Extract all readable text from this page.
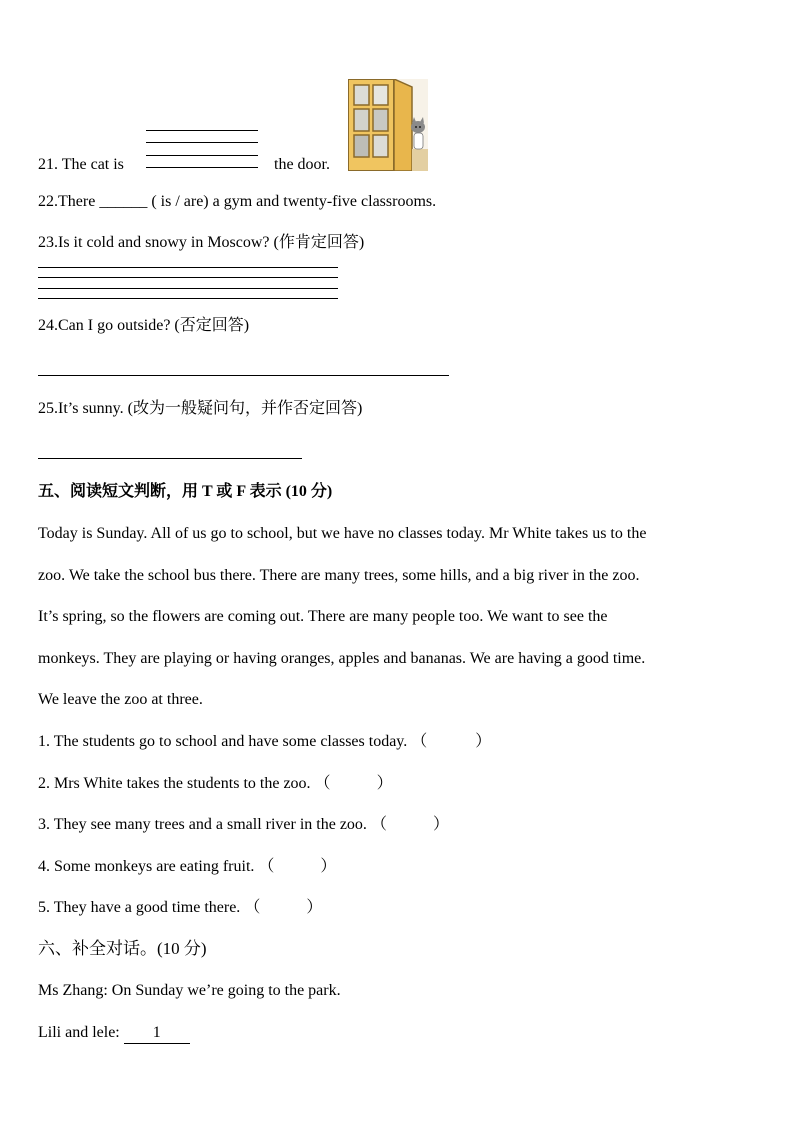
21. The cat is	the door.
22.There ______ ( is / are) a gym and twenty-five classrooms.
23.Is it cold and snowy in Moscow? (作肯定回答)
24.Can I go outside? (否定回答)
25.It’s sunny. (改为一般疑问句，并作否定回答)
五、阅读短文判断，用 T 或 F 表示 (10 分)
Today is Sunday. All of us go to school, but we have no classes today. Mr White takes us to the
zoo. We take the school bus there. There are many trees, some hills, and a big river in the zoo.
It’s spring, so the flowers are coming out. There are many people too. We want to see the
monkeys. They are playing or having oranges, apples and bananas. We are having a good time.
We leave the zoo at three.
1. The students go to school and have some classes today. （	）
2. Mrs White takes the students to the zoo. （	）
3. They see many trees and a small river in the zoo. （	）
4. Some monkeys are eating fruit. （	）
5. They have a good time there. （	）
六、补全对话。(10 分)
Ms Zhang: On Sunday we’re going to the park.
Lili and lele: 1
